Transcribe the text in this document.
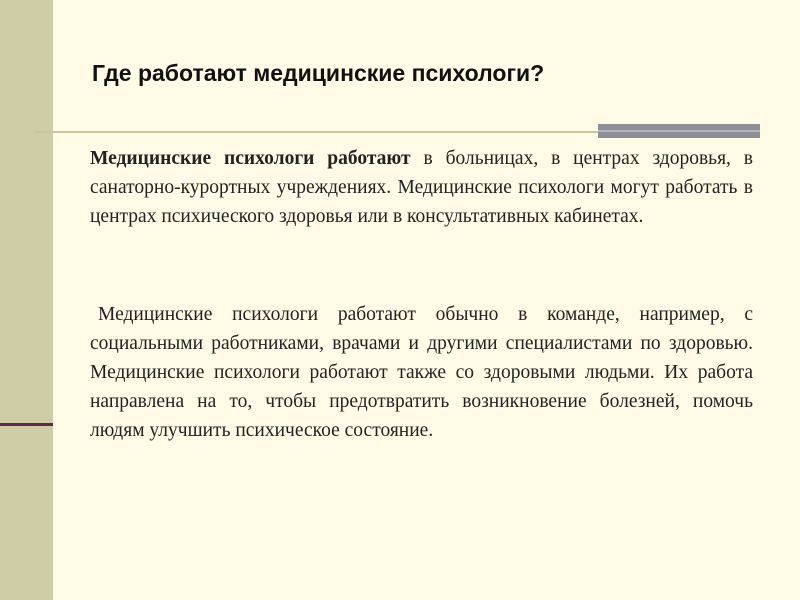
Где работают медицинские психологи?

Медицинские психологи работают в больницах, в центрах здоровья, в санаторно-курортных учреждениях. Медицинские психологи могут работать в центрах психического здоровья или в консультативных кабинетах.

Медицинские психологи работают обычно в команде, например, с социальными работниками, врачами и другими специалистами по здоровью. Медицинские психологи работают также со здоровыми людьми. Их работа направлена на то, чтобы предотвратить возникновение болезней, помочь людям улучшить психическое состояние.
